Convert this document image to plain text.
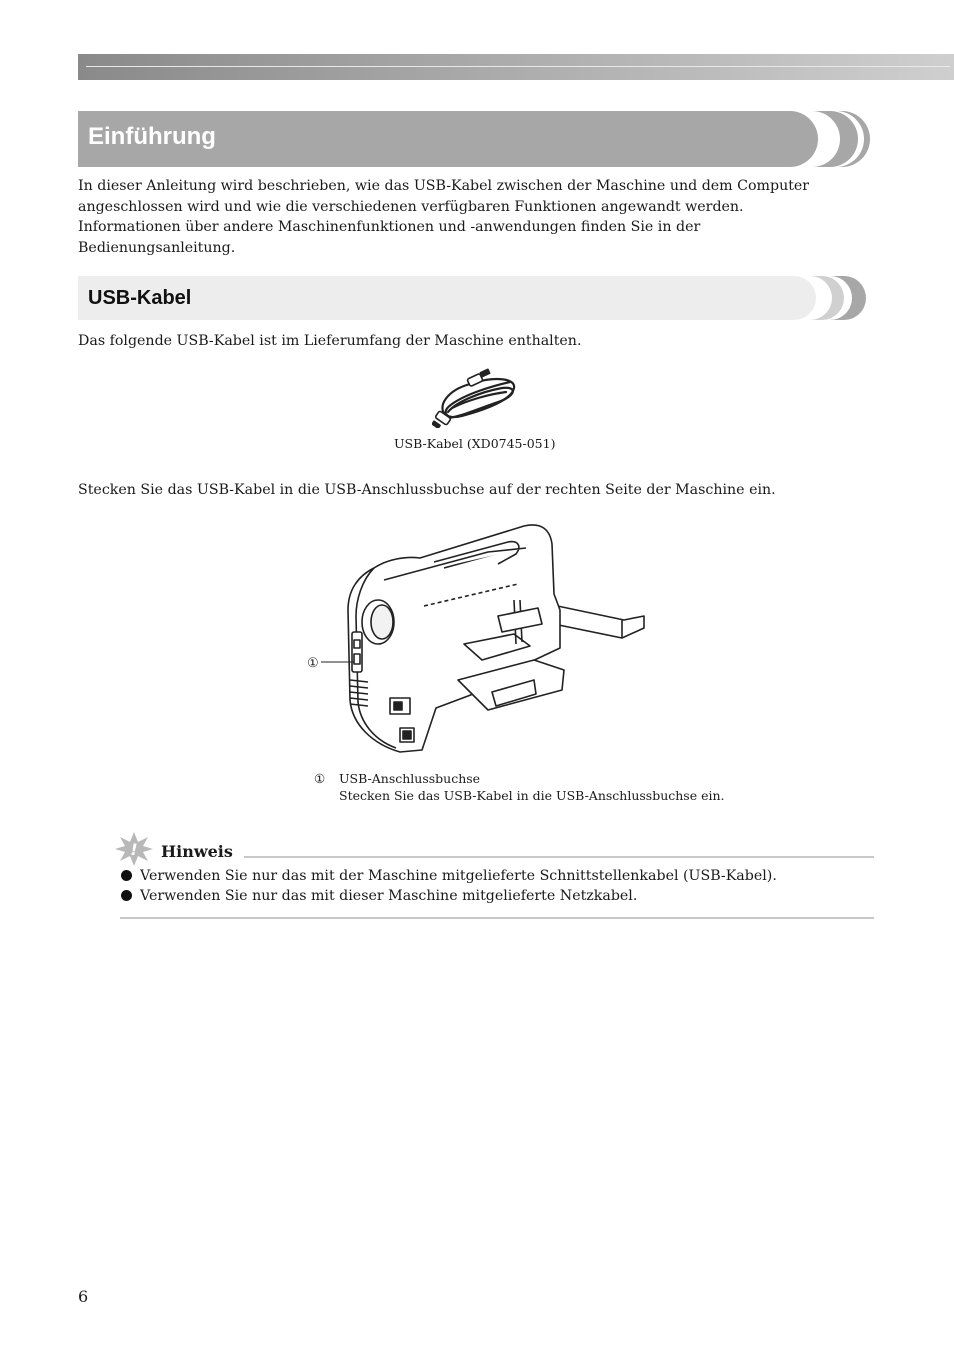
Einführung
In dieser Anleitung wird beschrieben, wie das USB-Kabel zwischen der Maschine und dem Computer
angeschlossen wird und wie die verschiedenen verfügbaren Funktionen angewandt werden.
Informationen über andere Maschinenfunktionen und -anwendungen finden Sie in der
Bedienungsanleitung.
USB-Kabel
Das folgende USB-Kabel ist im Lieferumfang der Maschine enthalten.
USB-Kabel (XD0745-051)
Stecken Sie das USB-Kabel in die USB-Anschlussbuchse auf der rechten Seite der Maschine ein.
①
① USB-Anschlussbuchse
Stecken Sie das USB-Kabel in die USB-Anschlussbuchse ein.
! Hinweis
Verwenden Sie nur das mit der Maschine mitgelieferte Schnittstellenkabel (USB-Kabel).
Verwenden Sie nur das mit dieser Maschine mitgelieferte Netzkabel.
6
